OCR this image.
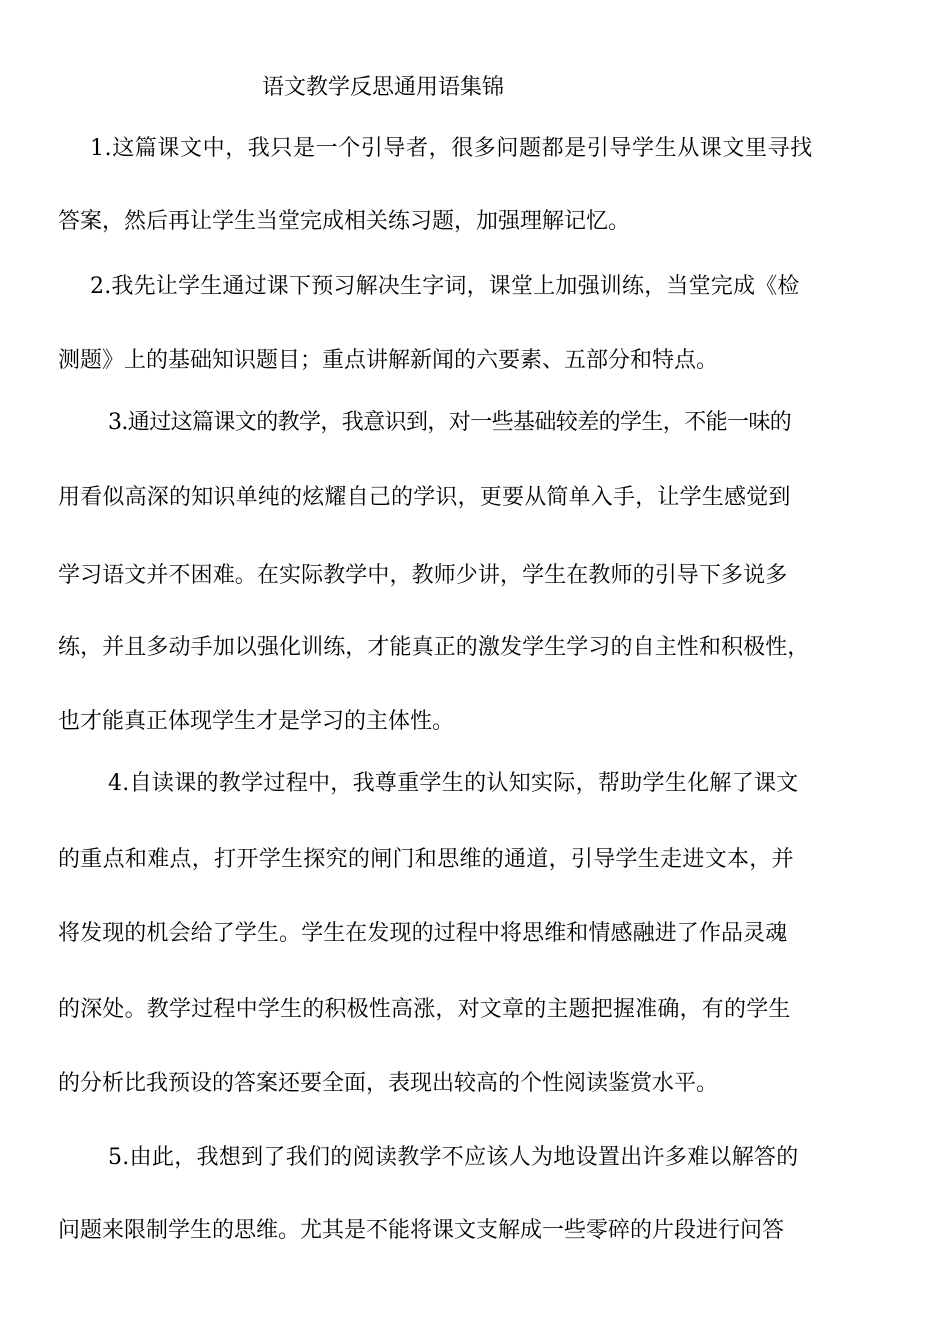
语文教学反思通用语集锦
1.这篇课文中，我只是一个引导者，很多问题都是引导学生从课文里寻找
答案，然后再让学生当堂完成相关练习题，加强理解记忆。
2.我先让学生通过课下预习解决生字词，课堂上加强训练，当堂完成《检
测题》上的基础知识题目；重点讲解新闻的六要素、五部分和特点。
3.通过这篇课文的教学，我意识到，对一些基础较差的学生，不能一味的
用看似高深的知识单纯的炫耀自己的学识，更要从简单入手，让学生感觉到
学习语文并不困难。在实际教学中，教师少讲，学生在教师的引导下多说多
练，并且多动手加以强化训练，才能真正的激发学生学习的自主性和积极性，
也才能真正体现学生才是学习的主体性。
4.自读课的教学过程中，我尊重学生的认知实际，帮助学生化解了课文
的重点和难点，打开学生探究的闸门和思维的通道，引导学生走进文本，并
将发现的机会给了学生。学生在发现的过程中将思维和情感融进了作品灵魂
的深处。教学过程中学生的积极性高涨，对文章的主题把握准确，有的学生
的分析比我预设的答案还要全面，表现出较高的个性阅读鉴赏水平。
5.由此，我想到了我们的阅读教学不应该人为地设置出许多难以解答的
问题来限制学生的思维。尤其是不能将课文支解成一些零碎的片段进行问答
